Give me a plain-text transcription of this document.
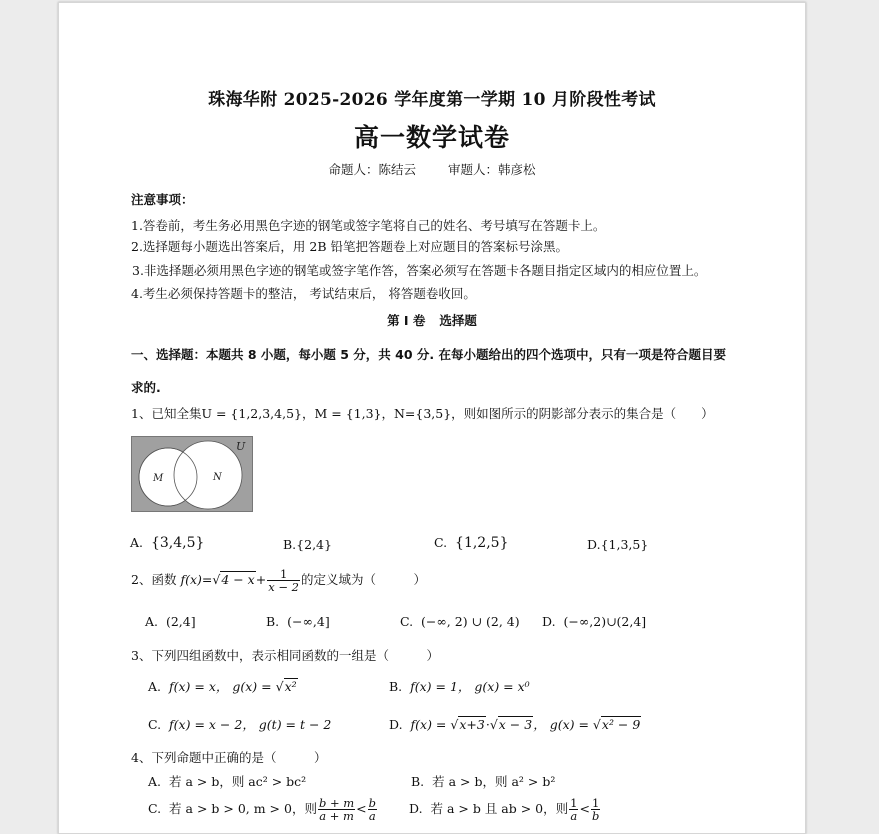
珠海华附 2025-2026 学年度第一学期 10 月阶段性考试
高一数学试卷
命题人：陈结云	审题人：韩彦松
注意事项：
1.答卷前，考生务必用黑色字迹的钢笔或签字笔将自己的姓名、考号填写在答题卡上。
2.选择题每小题选出答案后，用 2B 铅笔把答题卷上对应题目的答案标号涂黑。
3.非选择题必须用黑色字迹的钢笔或签字笔作答，答案必须写在答题卡各题目指定区域内的相应位置上。
4.考生必须保持答题卡的整洁， 考试结束后， 将答题卷收回。
第 I 卷 选择题
一、选择题：本题共 8 小题，每小题 5 分，共 40 分. 在每小题给出的四个选项中，只有一项是符合题目要
求的.
1、已知全集U = {1,2,3,4,5}，M = {1,3}，N={3,5}，则如图所示的阴影部分表示的集合是（　　）
U
M	N
A. {3,4,5}	B.{2,4}	C. {1,2,5}	D.{1,3,5}
2、函数 $f(x)=√4 - x+ \frac{1}{x - 2}$ 的定义域为（　　　）
A. (2,4]	B. (−∞,4]	C. (−∞, 2) ∪ (2, 4) D. (−∞,2)∪(2,4]
3、下列四组函数中，表示相同函数的一组是（　　　）
A. f(x) = x， g(x) = √x²	B. f(x) = 1， g(x) = x⁰
C. f(x) = x − 2， g(t) = t − 2	D. f(x) = √x+3·√x − 3， g(x) = √x² − 9
4、下列命题中正确的是（　　　）
A. 若 a > b，则 ac² > bc²	B. 若 a > b，则 a² > b²
C. 若 a > b > 0, m > 0，则 $\frac{b + m}{a + m} < \frac{b}{a}$	D. 若 a > b 且 ab > 0，则 $\frac{1}{a} < \frac{1}{b}$
